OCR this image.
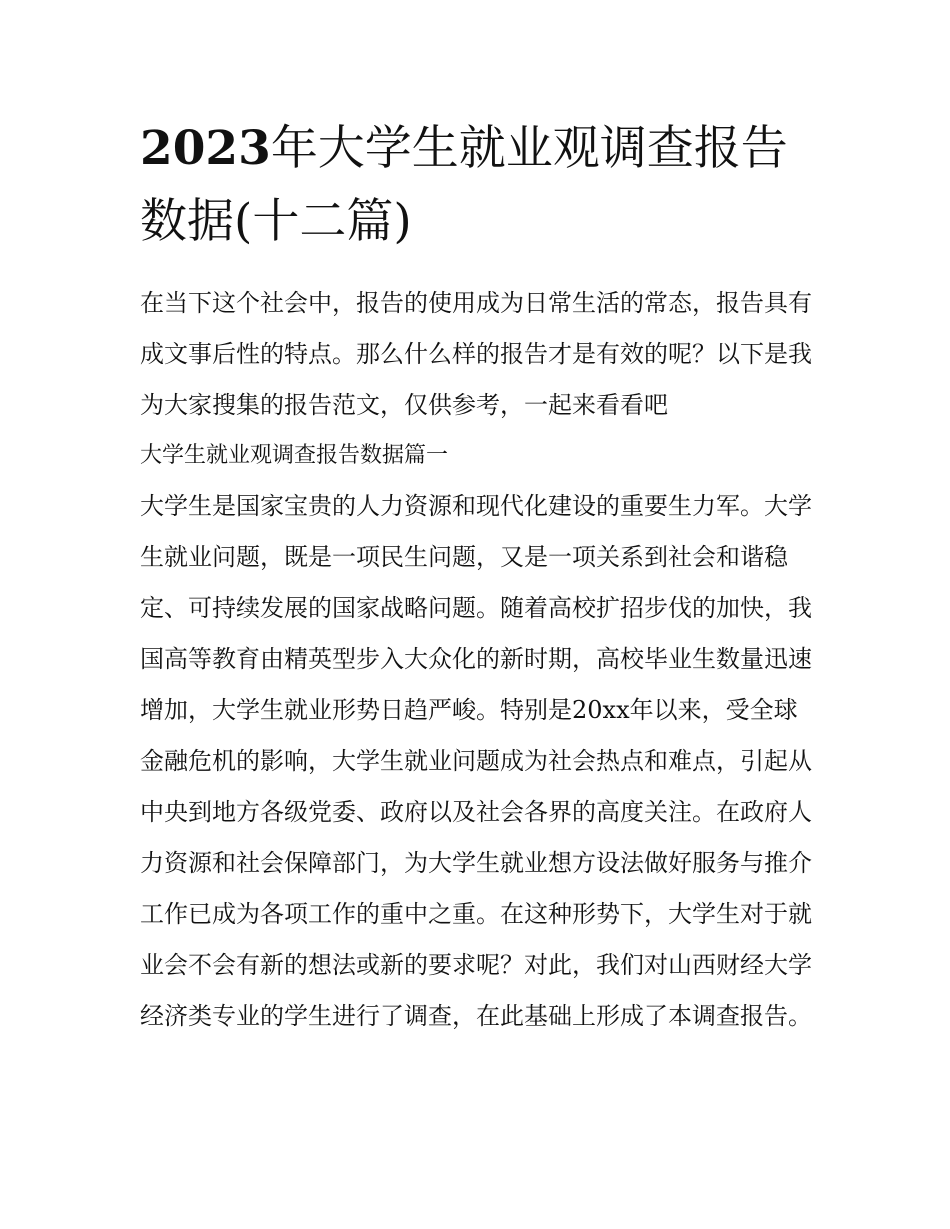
2023年大学生就业观调查报告数据(十二篇)

在当下这个社会中，报告的使用成为日常生活的常态，报告具有成文事后性的特点。那么什么样的报告才是有效的呢？以下是我为大家搜集的报告范文，仅供参考，一起来看看吧

大学生就业观调查报告数据篇一

大学生是国家宝贵的人力资源和现代化建设的重要生力军。大学生就业问题，既是一项民生问题，又是一项关系到社会和谐稳定、可持续发展的国家战略问题。随着高校扩招步伐的加快，我国高等教育由精英型步入大众化的新时期，高校毕业生数量迅速增加，大学生就业形势日趋严峻。特别是20xx年以来，受全球金融危机的影响，大学生就业问题成为社会热点和难点，引起从中央到地方各级党委、政府以及社会各界的高度关注。在政府人力资源和社会保障部门，为大学生就业想方设法做好服务与推介工作已成为各项工作的重中之重。在这种形势下，大学生对于就业会不会有新的想法或新的要求呢？对此，我们对山西财经大学经济类专业的学生进行了调查，在此基础上形成了本调查报告。
